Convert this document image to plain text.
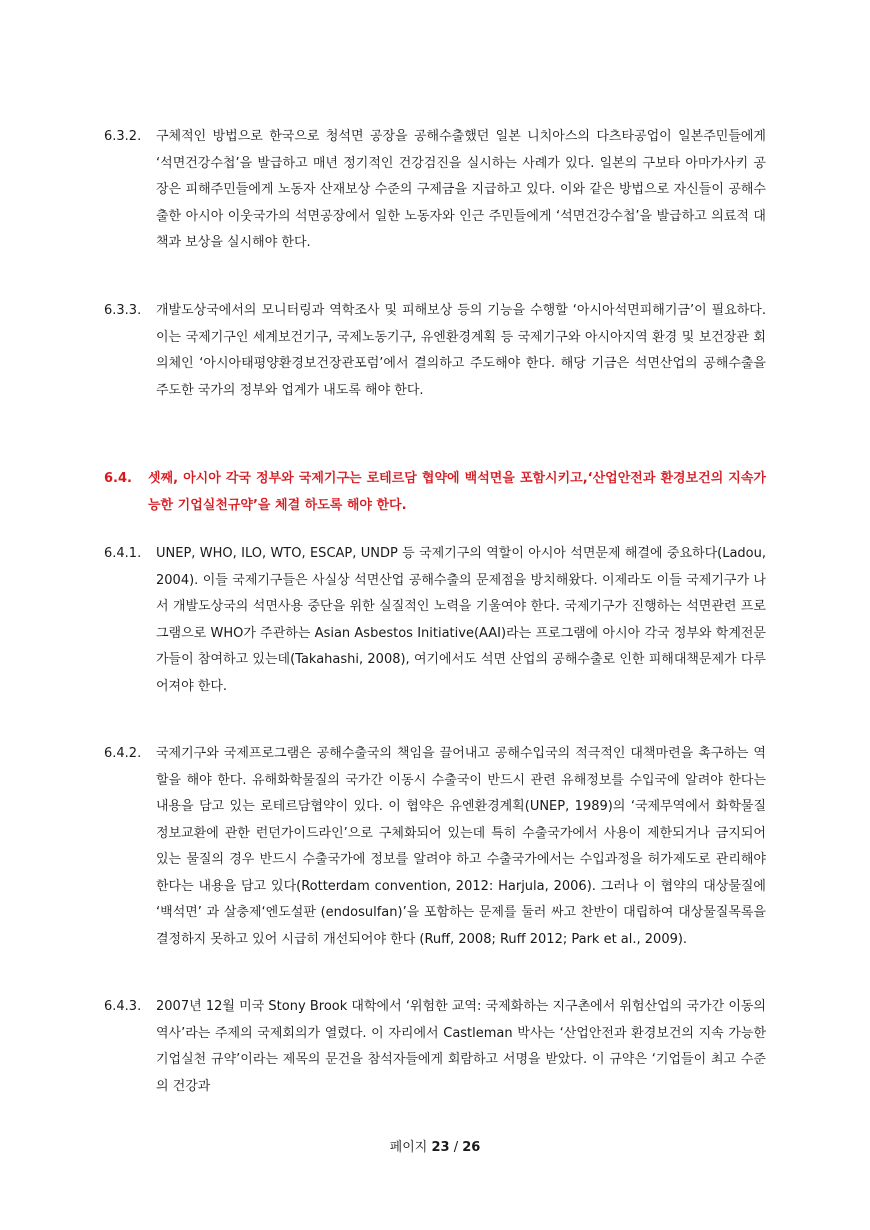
6.3.2.	구체적인 방법으로 한국으로 청석면 공장을 공해수출했던 일본 니치아스의 다츠타공업이 일본주민들에게 ‘석면건강수첩’을 발급하고 매년 정기적인 건강검진을 실시하는 사례가 있다. 일본의 구보타 아마가사키 공장은 피해주민들에게 노동자 산재보상 수준의 구제금을 지급하고 있다. 이와 같은 방법으로 자신들이 공해수출한 아시아 이웃국가의 석면공장에서 일한 노동자와 인근 주민들에게 ‘석면건강수첩’을 발급하고 의료적 대책과 보상을 실시해야 한다.
6.3.3.	개발도상국에서의 모니터링과 역학조사 및 피해보상 등의 기능을 수행할 ‘아시아석면피해기금’이 필요하다. 이는 국제기구인 세계보건기구, 국제노동기구, 유엔환경계획 등 국제기구와 아시아지역 환경 및 보건장관 회의체인 ‘아시아태평양환경보건장관포럼’에서 결의하고 주도해야 한다. 해당 기금은 석면산업의 공해수출을 주도한 국가의 정부와 업계가 내도록 해야 한다.
6.4.	셋째, 아시아 각국 정부와 국제기구는 로테르담 협약에 백석면을 포함시키고,‘산업안전과 환경보건의 지속가능한 기업실천규약’을 체결 하도록 해야 한다.
6.4.1.	UNEP, WHO, ILO, WTO, ESCAP, UNDP 등 국제기구의 역할이 아시아 석면문제 해결에 중요하다(Ladou, 2004). 이들 국제기구들은 사실상 석면산업 공해수출의 문제점을 방치해왔다. 이제라도 이들 국제기구가 나서 개발도상국의 석면사용 중단을 위한 실질적인 노력을 기울여야 한다. 국제기구가 진행하는 석면관련 프로그램으로 WHO가 주관하는 Asian Asbestos Initiative(AAI)라는 프로그램에 아시아 각국 정부와 학계전문가들이 참여하고 있는데(Takahashi, 2008), 여기에서도 석면 산업의 공해수출로 인한 피해대책문제가 다루어져야 한다.
6.4.2.	국제기구와 국제프로그램은 공해수출국의 책임을 끌어내고 공해수입국의 적극적인 대책마련을 촉구하는 역할을 해야 한다. 유해화학물질의 국가간 이동시 수출국이 반드시 관련 유해정보를 수입국에 알려야 한다는 내용을 담고 있는 로테르담협약이 있다. 이 협약은 유엔환경계획(UNEP, 1989)의 ‘국제무역에서 화학물질 정보교환에 관한 런던가이드라인’으로 구체화되어 있는데 특히 수출국가에서 사용이 제한되거나 금지되어 있는 물질의 경우 반드시 수출국가에 정보를 알려야 하고 수출국가에서는 수입과정을 허가제도로 관리해야 한다는 내용을 담고 있다(Rotterdam convention, 2012: Harjula, 2006). 그러나 이 협약의 대상물질에 ‘백석면’ 과 살충제‘엔도설판 (endosulfan)’을 포함하는 문제를 둘러 싸고 찬반이 대립하여 대상물질목록을 결정하지 못하고 있어 시급히 개선되어야 한다 (Ruff, 2008; Ruff 2012; Park et al., 2009).
6.4.3.	2007년 12월 미국 Stony Brook 대학에서 ‘위험한 교역: 국제화하는 지구촌에서 위험산업의 국가간 이동의 역사’라는 주제의 국제회의가 열렸다. 이 자리에서 Castleman 박사는 ‘산업안전과 환경보건의 지속 가능한 기업실천 규약’이라는 제목의 문건을 참석자들에게 회람하고 서명을 받았다. 이 규약은 ‘기업들이 최고 수준의 건강과
페이지 23 / 26
